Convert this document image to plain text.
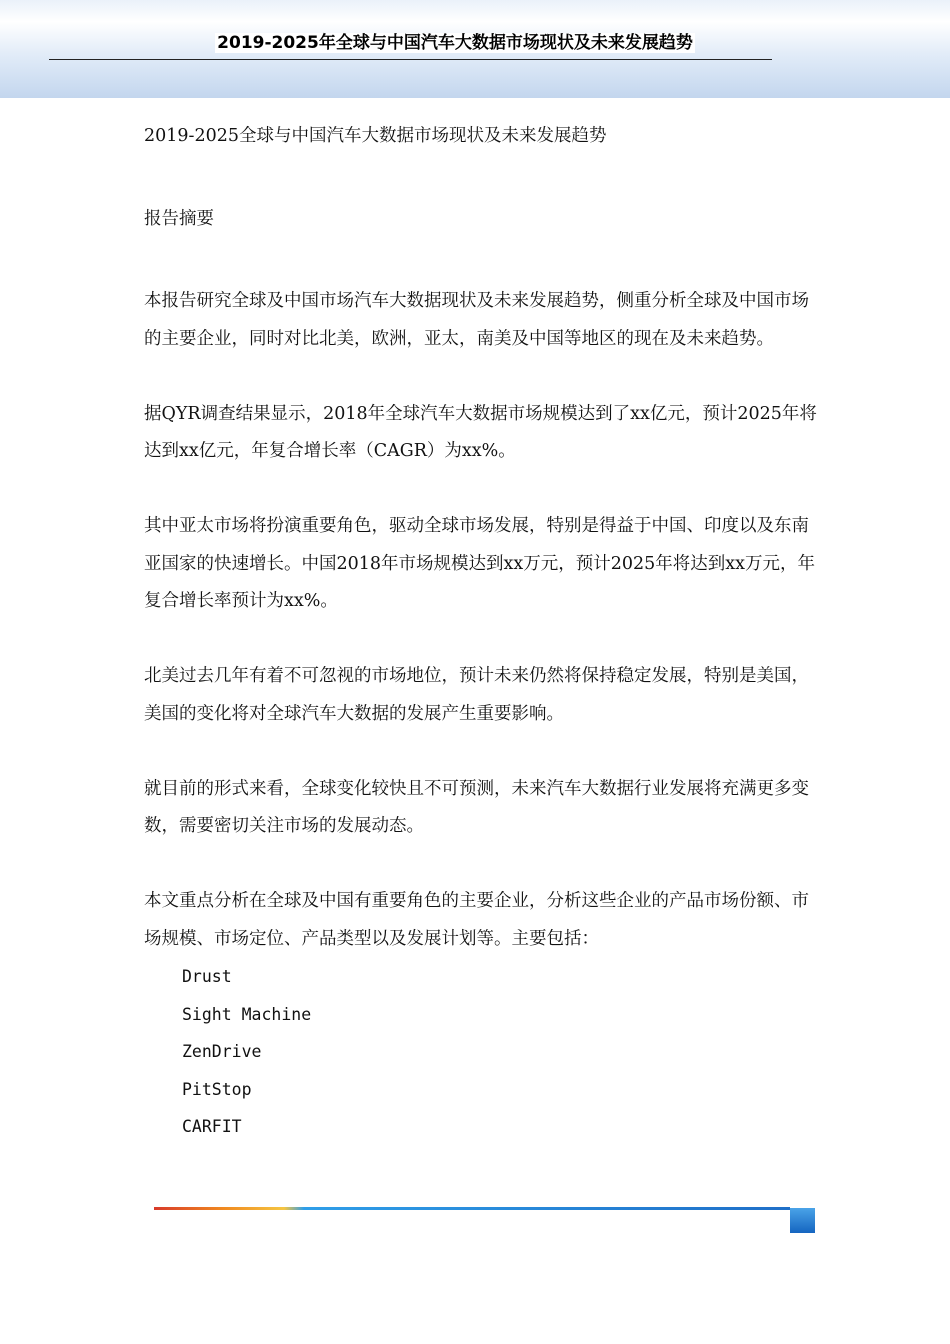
2019-2025年全球与中国汽车大数据市场现状及未来发展趋势

2019-2025全球与中国汽车大数据市场现状及未来发展趋势

报告摘要

本报告研究全球及中国市场汽车大数据现状及未来发展趋势，侧重分析全球及中国市场的主要企业，同时对比北美，欧洲，亚太，南美及中国等地区的现在及未来趋势。

据QYR调查结果显示，2018年全球汽车大数据市场规模达到了xx亿元，预计2025年将达到xx亿元，年复合增长率（CAGR）为xx%。

其中亚太市场将扮演重要角色，驱动全球市场发展，特别是得益于中国、印度以及东南亚国家的快速增长。中国2018年市场规模达到xx万元，预计2025年将达到xx万元，年复合增长率预计为xx%。

北美过去几年有着不可忽视的市场地位，预计未来仍然将保持稳定发展，特别是美国，美国的变化将对全球汽车大数据的发展产生重要影响。

就目前的形式来看，全球变化较快且不可预测，未来汽车大数据行业发展将充满更多变数，需要密切关注市场的发展动态。

本文重点分析在全球及中国有重要角色的主要企业，分析这些企业的产品市场份额、市场规模、市场定位、产品类型以及发展计划等。主要包括：

Drust
Sight Machine
ZenDrive
PitStop
CARFIT
